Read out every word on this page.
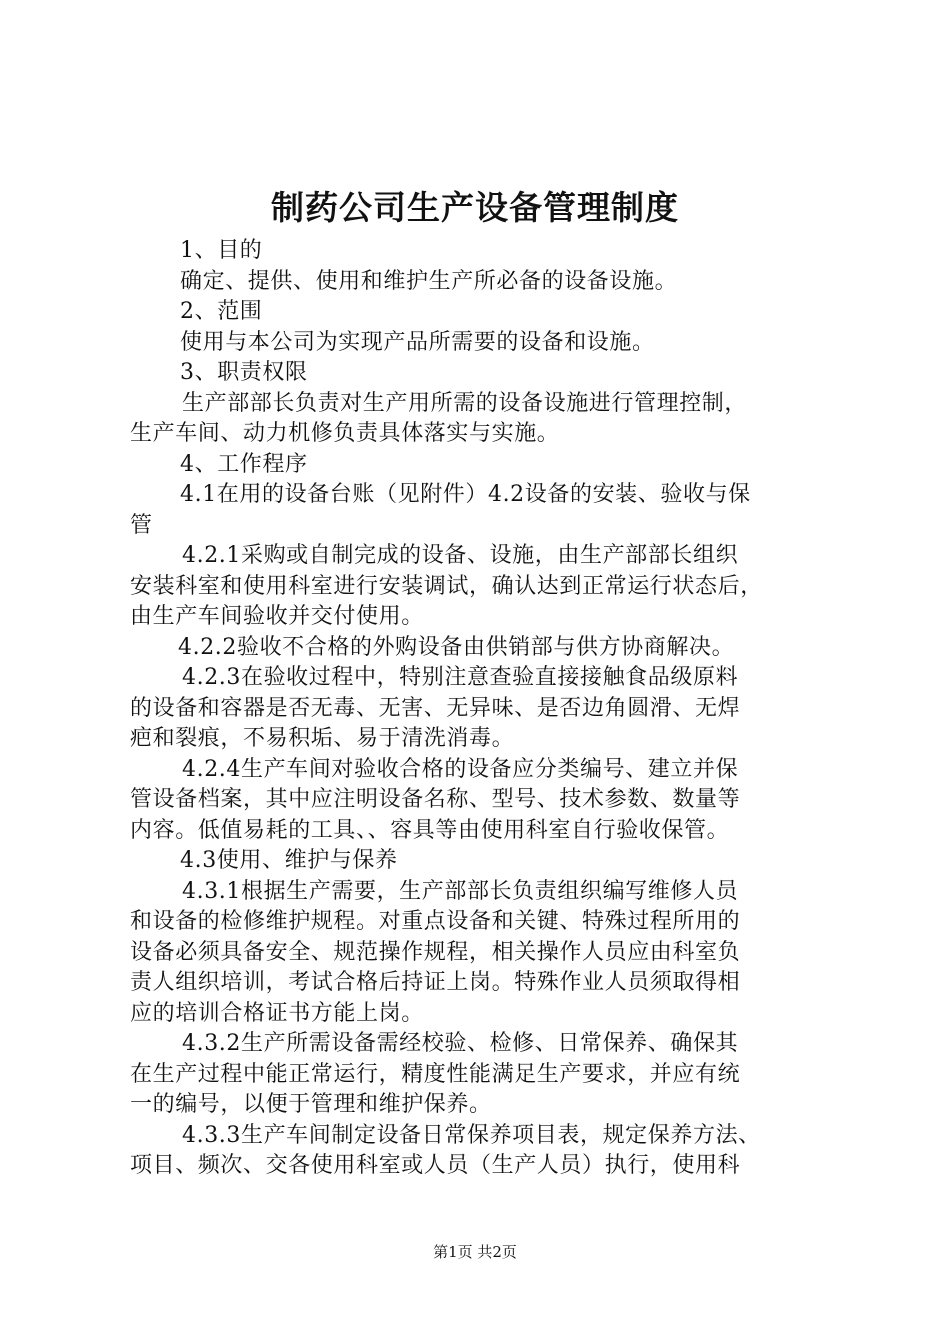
制药公司生产设备管理制度
1、目的
确定、提供、使用和维护生产所必备的设备设施。
2、范围
使用与本公司为实现产品所需要的设备和设施。
3、职责权限
生产部部长负责对生产用所需的设备设施进行管理控制，
生产车间、动力机修负责具体落实与实施。
4、工作程序
4.1在用的设备台账（见附件）4.2设备的安装、验收与保
管
4.2.1采购或自制完成的设备、设施，由生产部部长组织
安装科室和使用科室进行安装调试，确认达到正常运行状态后，
由生产车间验收并交付使用。
4.2.2验收不合格的外购设备由供销部与供方协商解决。
4.2.3在验收过程中，特别注意查验直接接触食品级原料
的设备和容器是否无毒、无害、无异味、是否边角圆滑、无焊
疤和裂痕，不易积垢、易于清洗消毒。
4.2.4生产车间对验收合格的设备应分类编号、建立并保
管设备档案，其中应注明设备名称、型号、技术参数、数量等
内容。低值易耗的工具、、容具等由使用科室自行验收保管。
4.3使用、维护与保养
4.3.1根据生产需要，生产部部长负责组织编写维修人员
和设备的检修维护规程。对重点设备和关键、特殊过程所用的
设备必须具备安全、规范操作规程，相关操作人员应由科室负
责人组织培训，考试合格后持证上岗。特殊作业人员须取得相
应的培训合格证书方能上岗。
4.3.2生产所需设备需经校验、检修、日常保养、确保其
在生产过程中能正常运行，精度性能满足生产要求，并应有统
一的编号，以便于管理和维护保养。
4.3.3生产车间制定设备日常保养项目表，规定保养方法、
项目、频次、交各使用科室或人员（生产人员）执行，使用科
第1页 共2页
